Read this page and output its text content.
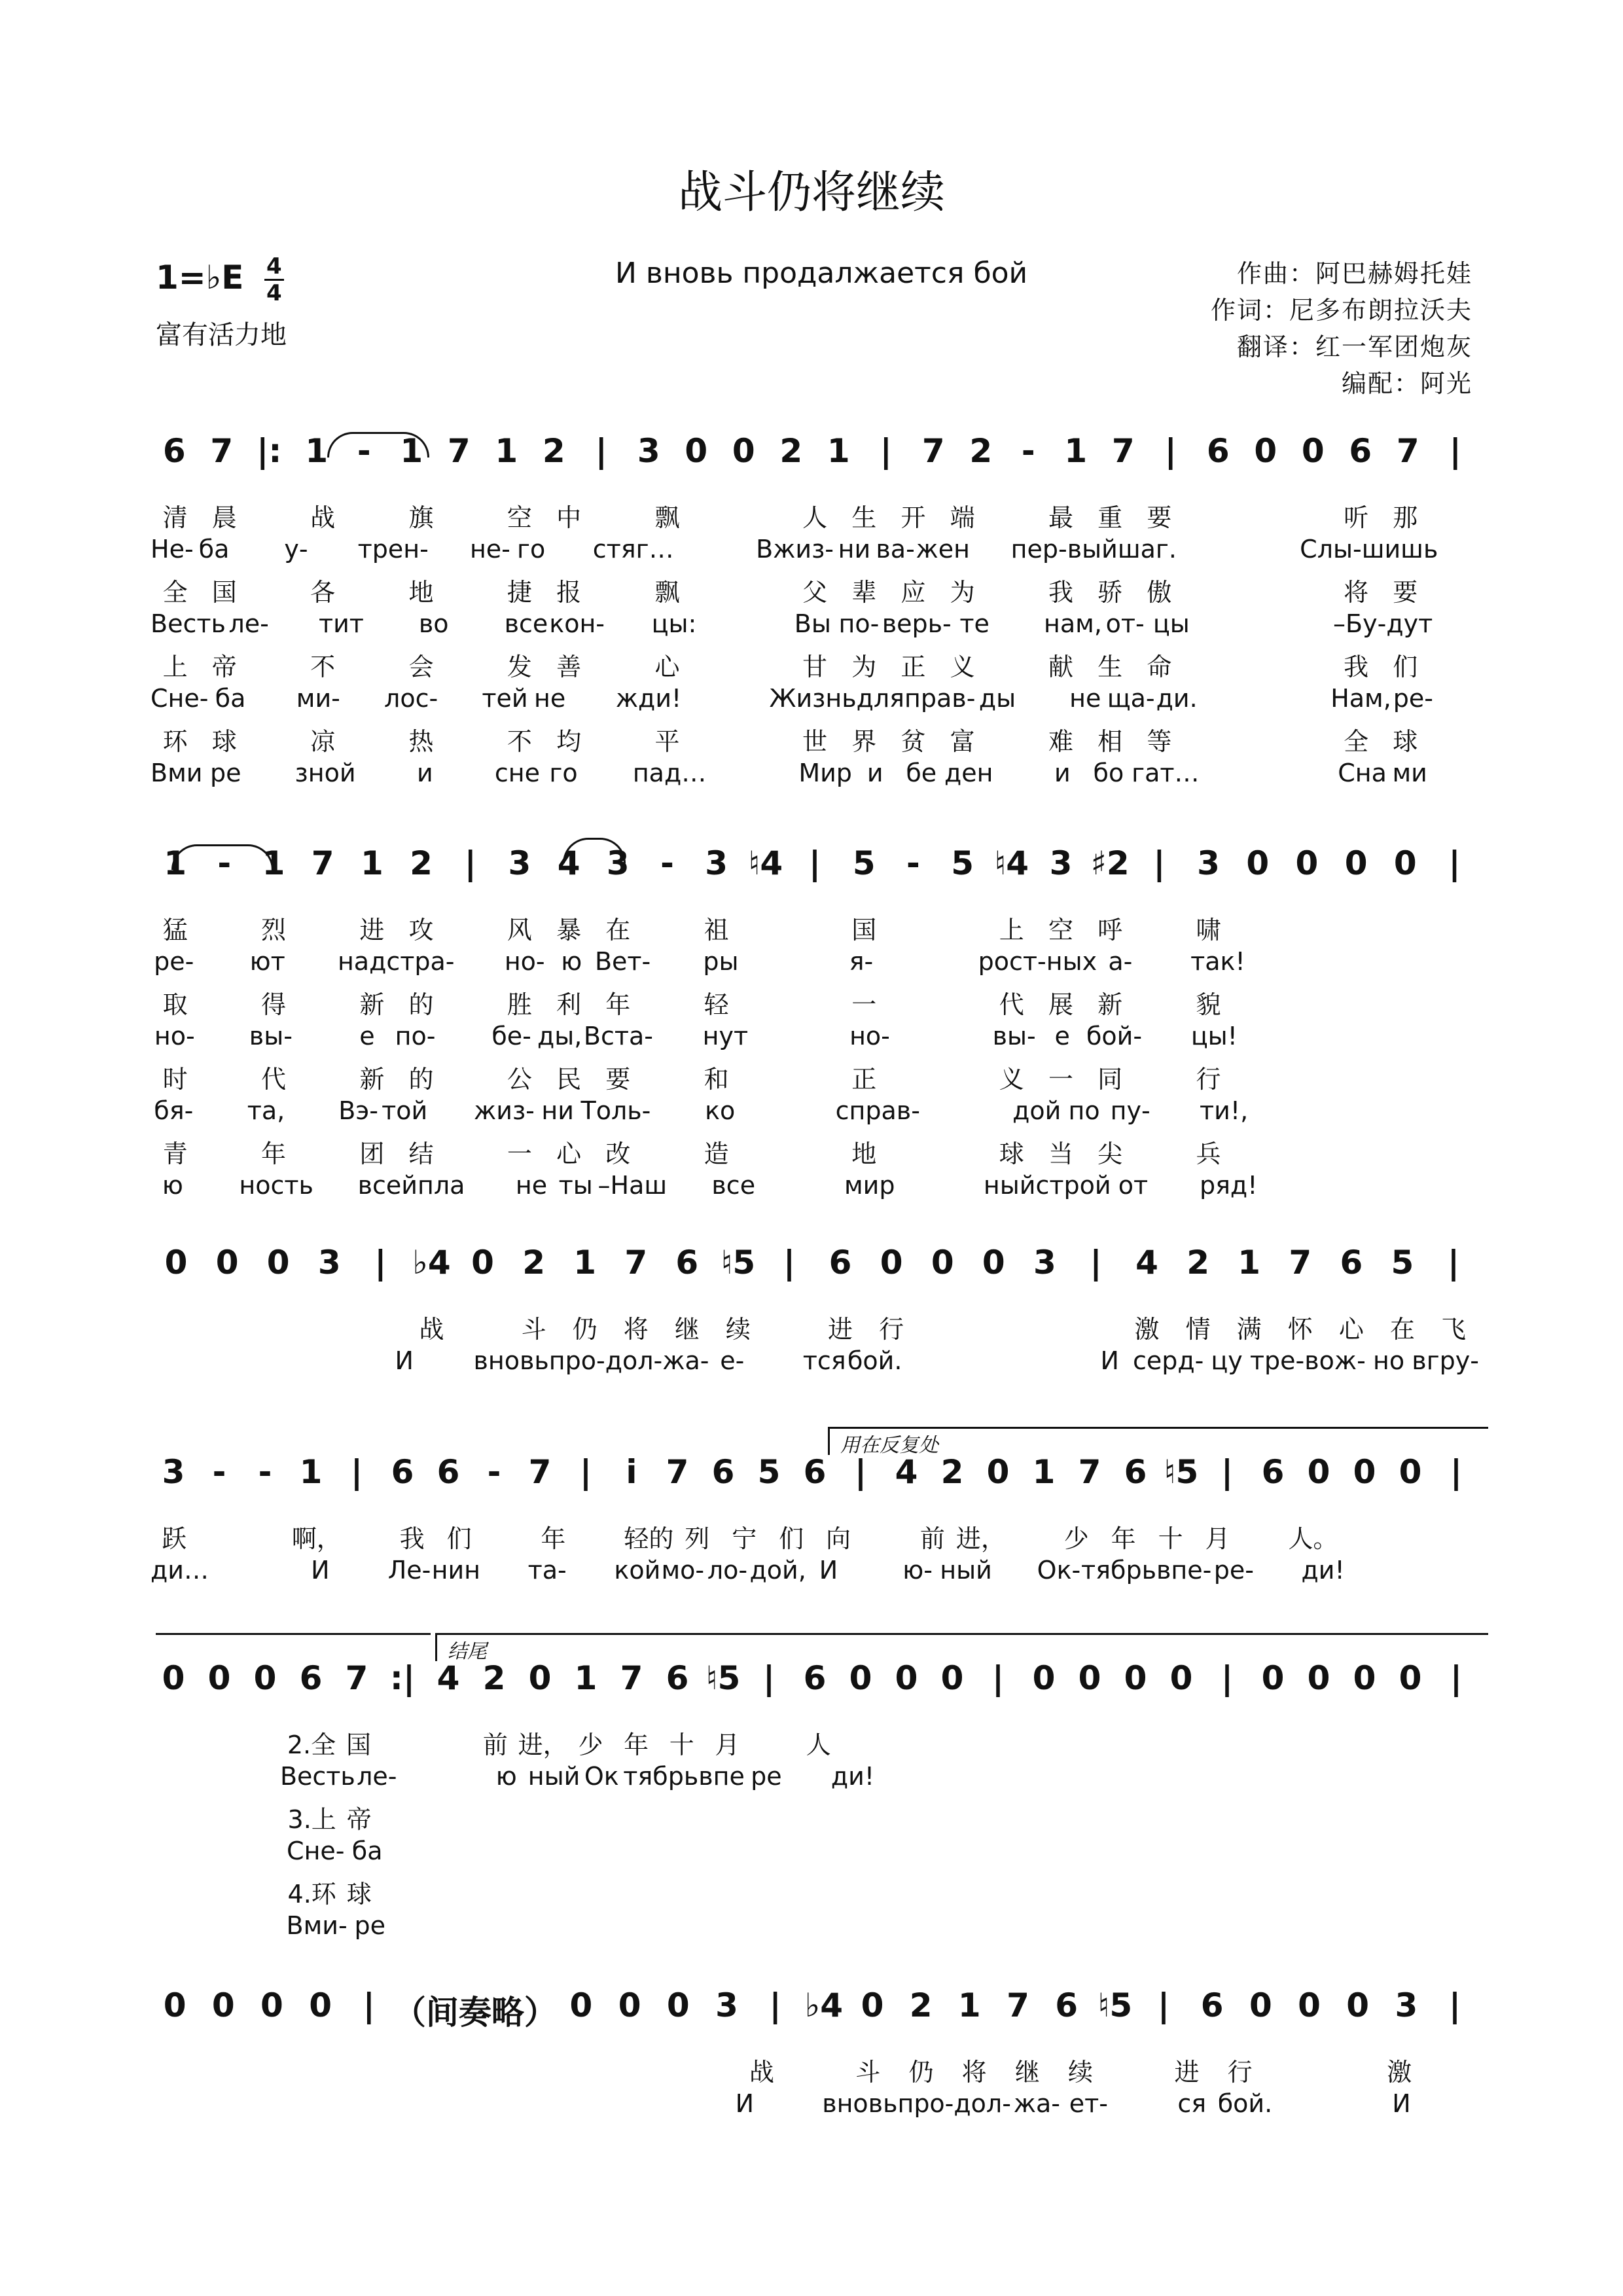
战斗仍将继续
1=♭E $\frac{4}{4}$
富有活力地
И вновь продалжается бой	作曲：阿巴赫姆托娃
作词：尼多布朗拉沃夫
翻译：红一军团炮灰
编配：阿光
6 7 |: 1 - 1 7 1 2 | 3 0 0 2 1 | 7 2 - 1 7 | 6 0 0 6 7 |
清 晨	战	旗	空 中	飘	人 生 开 端	最 重 要	听 那
Не- ба	у-	трен- не- го стяг…	Вжиз- ни ва- жен пер- вый шаг.	Слы- шишь
全 国	各	地	捷 报	飘	父 辈 应 为	我 骄 傲	将 要
Весть ле- тит	во	все кон- цы:	Вы по- верь- те	нам, от- цы	–Бу- дут
上 帝	不	会	发 善	心	甘 为 正 义	献 生 命	我 们
Сне- ба ми- лос- тей не жди!	Жизнь для прав- ды не ща- ди.	Нам, ре-
环 球	凉	热	不 均	平	世 界 贫 富	难 相 等	全 球
Вми ре	зной	и	сне го	пад…	Мир и бе ден	и бо гат…	Сна ми
1 - 1 7 1 2 | 3 4 3 - 3 ♮4 | 5 - 5 ♮4 3 ♯2 | 3 0 0 0 0 |
猛	烈	进 攻	风 暴 在	祖	国	上 空 呼	啸
ре- ют над стра- но- ю Вет- ры	я-	рост- ных а-	так!
取	得	新 的	胜 利 年	轻	一	代 展 新	貌
но- вы-	е по- бе- ды, Вста- нут	но-	вы- е бой- цы!
时	代	新 的	公 民 要	和	正	义 一 同	行
бя- та, Вэ- той жиз- ни Толь-	ко	справ-	дой по пу- ти!,
青	年	团 结	一 心 改	造	地	球 当 尖	兵
ю	ность всей пла не ты –Наш все	мир	ный строй от ряд!
0 0 0 3	| ♭4 0 2 1 7 6 ♮5 |	6 0 0 0 3	|	4 2 1 7 6 5	|
战	斗	仍	将	继	续	进	行	激	情	满	怀	心	在	飞
И	вновь про- дол- жа- е-	тся бой.	И серд- цу тре- вож- но вгру-
3 - - 1 | 6 6 - 7 |	i 7 6 5 6 | 4 2 0 1 7 6 ♮5 | 6 0 0 0 |
跃	啊，	我 们	年	轻的 列 宁 们 向	前 进，	少 年 十 月	人。
ди…	И	Ле- нин та- кой мо- ло- дой, И	ю- ный Ок- тябрь впе- ре- ди!
0 0 0 6 7 :| 4 2 0 1 7 6 ♮5 | 6 0 0 0 | 0 0 0 0 | 0 0 0 0 |
2.全 国	前 进， 少 年 十 月	人
Весть ле-	ю ный Ок тябрь впе ре ди!
3.上 帝
Сне- ба
4.环 球
Вми- ре
0 0 0 0 | （间奏略） 0 0 0 3 | ♭4 0 2 1 7 6 ♮5 | 6 0 0 0 3 |
战	斗	仍	将	继	续	进	行	激
И	вновь про- дол- жа- ет-	ся бой.	И
用在反复处
结尾
